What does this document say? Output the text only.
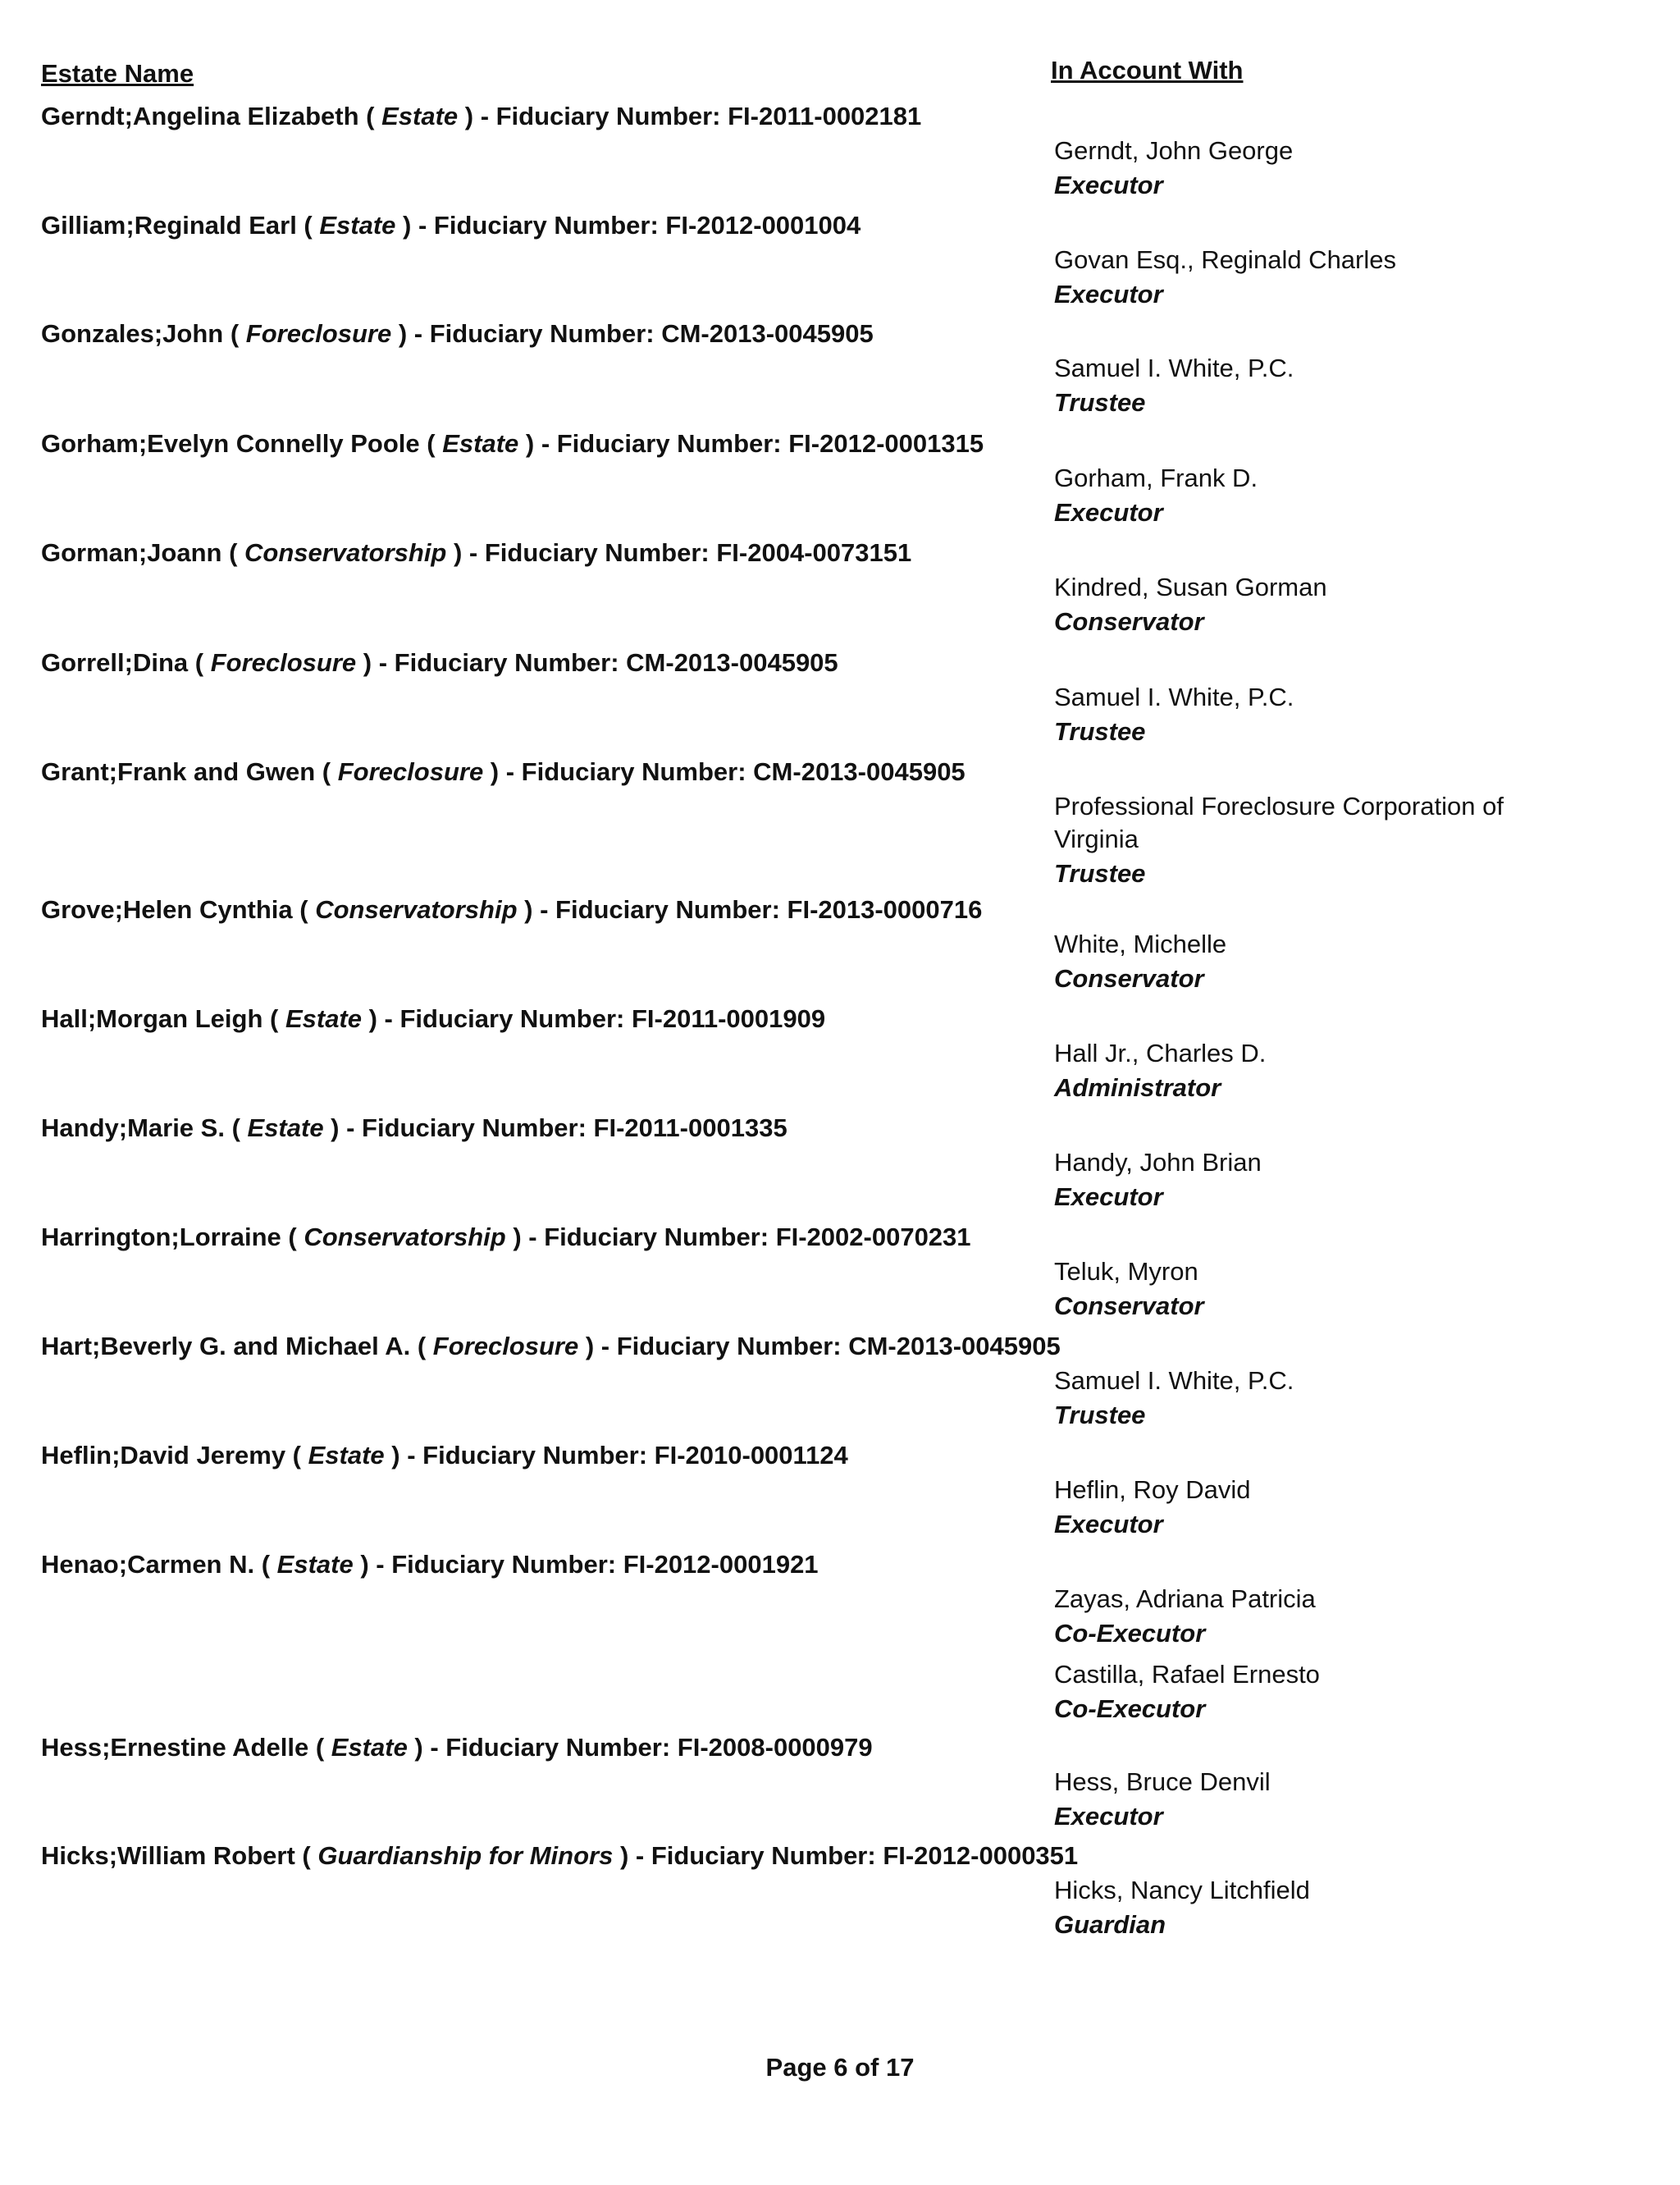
Estate Name	In Account With
Gerndt;Angelina Elizabeth ( Estate ) - Fiduciary Number: FI-2011-0002181
Gerndt, John George
Executor
Gilliam;Reginald Earl ( Estate ) - Fiduciary Number: FI-2012-0001004
Govan Esq., Reginald Charles
Executor
Gonzales;John ( Foreclosure ) - Fiduciary Number: CM-2013-0045905
Samuel I. White, P.C.
Trustee
Gorham;Evelyn Connelly Poole ( Estate ) - Fiduciary Number: FI-2012-0001315
Gorham, Frank D.
Executor
Gorman;Joann ( Conservatorship ) - Fiduciary Number: FI-2004-0073151
Kindred, Susan Gorman
Conservator
Gorrell;Dina ( Foreclosure ) - Fiduciary Number: CM-2013-0045905
Samuel I. White, P.C.
Trustee
Grant;Frank and Gwen ( Foreclosure ) - Fiduciary Number: CM-2013-0045905
Professional Foreclosure Corporation of Virginia
Trustee
Grove;Helen Cynthia ( Conservatorship ) - Fiduciary Number: FI-2013-0000716
White, Michelle
Conservator
Hall;Morgan Leigh ( Estate ) - Fiduciary Number: FI-2011-0001909
Hall Jr., Charles D.
Administrator
Handy;Marie S. ( Estate ) - Fiduciary Number: FI-2011-0001335
Handy, John Brian
Executor
Harrington;Lorraine ( Conservatorship ) - Fiduciary Number: FI-2002-0070231
Teluk, Myron
Conservator
Hart;Beverly G. and Michael A. ( Foreclosure ) - Fiduciary Number: CM-2013-0045905
Samuel I. White, P.C.
Trustee
Heflin;David Jeremy ( Estate ) - Fiduciary Number: FI-2010-0001124
Heflin, Roy David
Executor
Henao;Carmen N. ( Estate ) - Fiduciary Number: FI-2012-0001921
Zayas, Adriana Patricia
Co-Executor
Castilla, Rafael Ernesto
Co-Executor
Hess;Ernestine Adelle ( Estate ) - Fiduciary Number: FI-2008-0000979
Hess, Bruce Denvil
Executor
Hicks;William Robert ( Guardianship for Minors ) - Fiduciary Number: FI-2012-0000351
Hicks, Nancy Litchfield
Guardian
Page 6 of 17
